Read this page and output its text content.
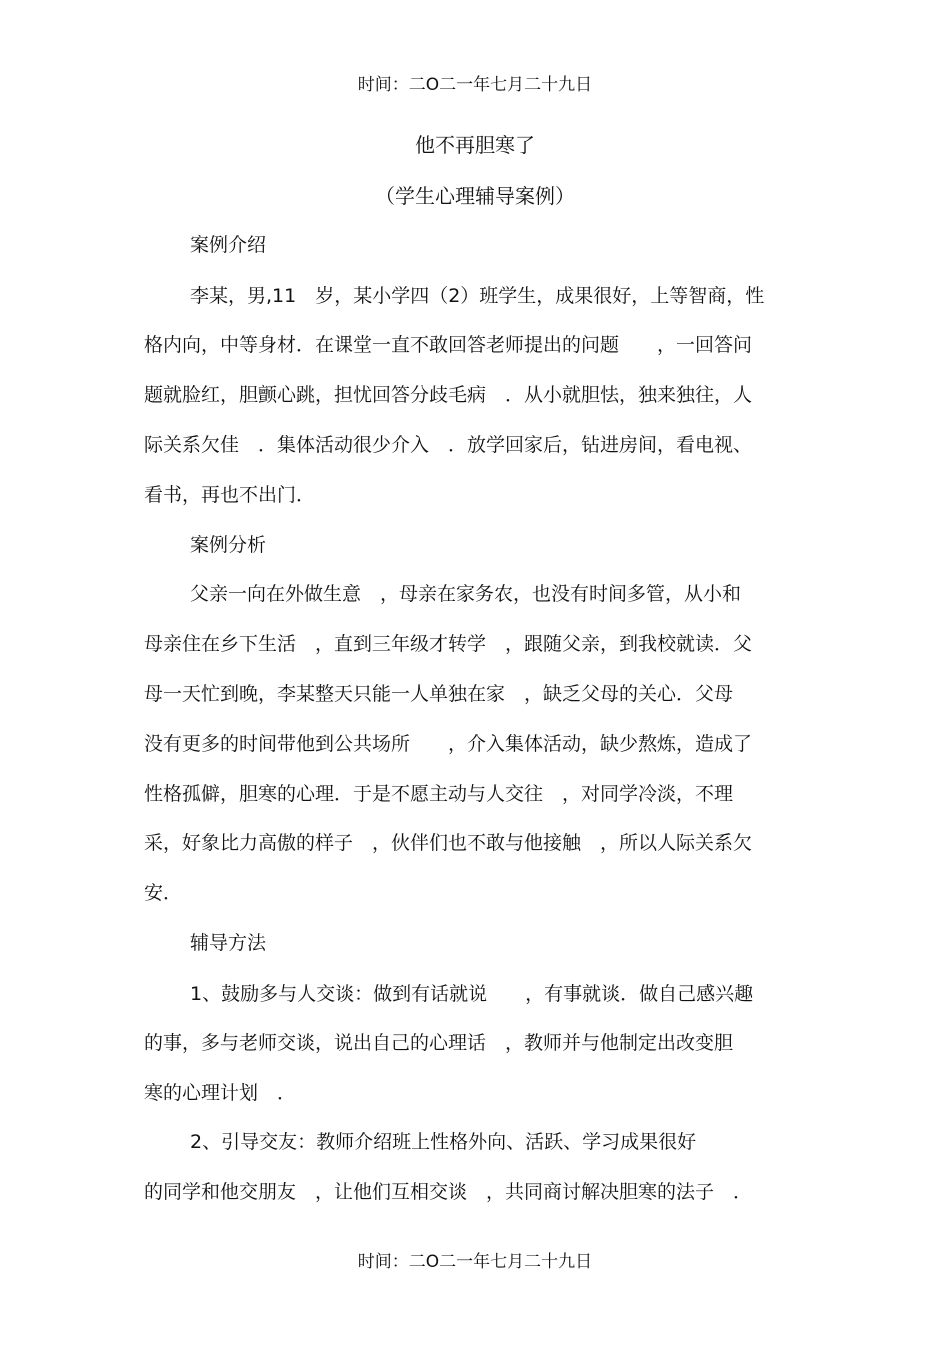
时间：二O二一年七月二十九日
他不再胆寒了
（学生心理辅导案例）
案例介绍
李某，男,11　岁，某小学四（2）班学生，成果很好，上等智商，性
格内向，中等身材．在课堂一直不敢回答老师提出的问题　　，一回答问
题就脸红，胆颤心跳，担忧回答分歧毛病　．从小就胆怯，独来独往，人
际关系欠佳　．集体活动很少介入　．放学回家后，钻进房间，看电视、
看书，再也不出门．
案例分析
父亲一向在外做生意　，母亲在家务农，也没有时间多管，从小和
母亲住在乡下生活　，直到三年级才转学　，跟随父亲，到我校就读．父
母一天忙到晚，李某整天只能一人单独在家　，缺乏父母的关心．父母
没有更多的时间带他到公共场所　　，介入集体活动，缺少熬炼，造成了
性格孤僻，胆寒的心理．于是不愿主动与人交往　，对同学冷淡，不理
采，好象比力高傲的样子　，伙伴们也不敢与他接触　，所以人际关系欠
安．
辅导方法
1、鼓励多与人交谈：做到有话就说　　，有事就谈．做自己感兴趣
的事，多与老师交谈，说出自己的心理话　，教师并与他制定出改变胆
寒的心理计划　．
2、引导交友：教师介绍班上性格外向、活跃、学习成果很好
的同学和他交朋友　，让他们互相交谈　，共同商讨解决胆寒的法子　．
时间：二O二一年七月二十九日
